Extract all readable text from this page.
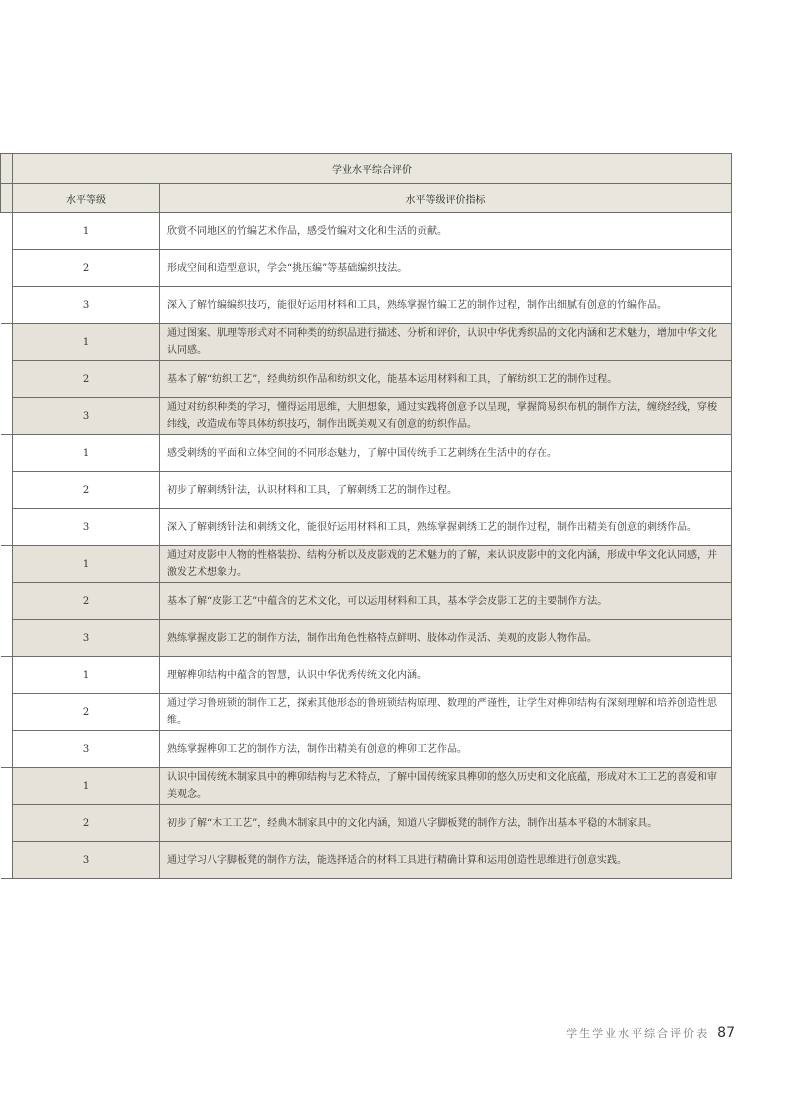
	学业水平综合评价	
	水平等级	水平等级评价指标
	1	欣赏不同地区的竹编艺术作品，感受竹编对文化和生活的贡献。
	2	形成空间和造型意识，学会“挑压编”等基础编织技法。
	3	深入了解竹编编织技巧，能很好运用材料和工具，熟练掌握竹编工艺的制作过程，制作出细腻有创意的竹编作品。
	1	通过图案、肌理等形式对不同种类的纺织品进行描述、分析和评价，认识中华优秀织品的文化内涵和艺术魅力，增加中华文化认同感。
	2	基本了解“纺织工艺”，经典纺织作品和纺织文化，能基本运用材料和工具，了解纺织工艺的制作过程。
	3	通过对纺织种类的学习，懂得运用思维，大胆想象，通过实践将创意予以呈现，掌握简易织布机的制作方法，缠绕经线，穿梭纬线，改造成布等具体纺织技巧，制作出既美观又有创意的纺织作品。
	1	感受刺绣的平面和立体空间的不同形态魅力，了解中国传统手工艺刺绣在生活中的存在。
	2	初步了解刺绣针法，认识材料和工具，了解刺绣工艺的制作过程。
	3	深入了解刺绣针法和刺绣文化，能很好运用材料和工具，熟练掌握刺绣工艺的制作过程，制作出精美有创意的刺绣作品。
	1	通过对皮影中人物的性格装扮、结构分析以及皮影戏的艺术魅力的了解，来认识皮影中的文化内涵，形成中华文化认同感，并激发艺术想象力。
	2	基本了解“皮影工艺”中蕴含的艺术文化，可以运用材料和工具，基本学会皮影工艺的主要制作方法。
	3	熟练掌握皮影工艺的制作方法，制作出角色性格特点鲜明、肢体动作灵活、美观的皮影人物作品。
	1	理解榫卯结构中蕴含的智慧，认识中华优秀传统文化内涵。
	2	通过学习鲁班锁的制作工艺，探索其他形态的鲁班锁结构原理、数理的严谨性，让学生对榫卯结构有深刻理解和培养创造性思维。
	3	熟练掌握榫卯工艺的制作方法，制作出精美有创意的榫卯工艺作品。
	1	认识中国传统木制家具中的榫卯结构与艺术特点，了解中国传统家具榫卯的悠久历史和文化底蕴，形成对木工工艺的喜爱和审美观念。
	2	初步了解“木工工艺”，经典木制家具中的文化内涵，知道八字脚板凳的制作方法，制作出基本平稳的木制家具。
	3	通过学习八字脚板凳的制作方法，能选择适合的材料工具进行精确计算和运用创造性思维进行创意实践。
学生学业水平综合评价表 87
